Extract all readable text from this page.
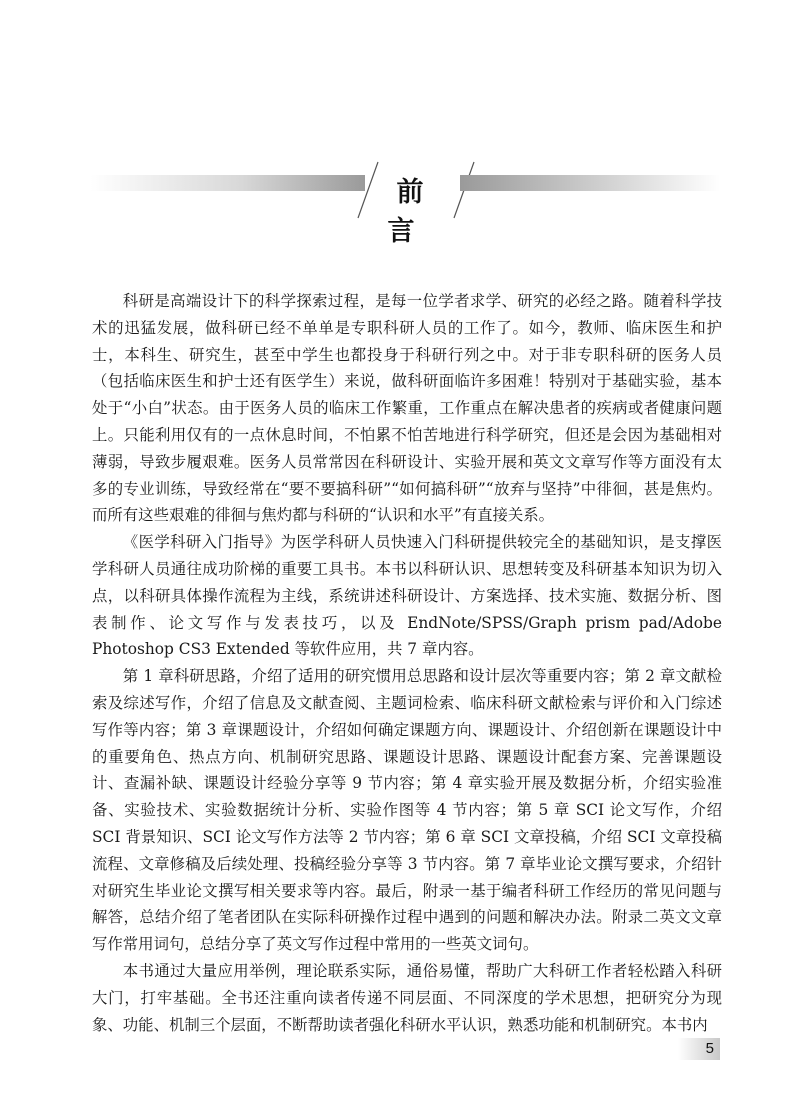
前 言

科研是高端设计下的科学探索过程，是每一位学者求学、研究的必经之路。随着科学技术的迅猛发展，做科研已经不单单是专职科研人员的工作了。如今，教师、临床医生和护士，本科生、研究生，甚至中学生也都投身于科研行列之中。对于非专职科研的医务人员（包括临床医生和护士还有医学生）来说，做科研面临许多困难！特别对于基础实验，基本处于“小白”状态。由于医务人员的临床工作繁重，工作重点在解决患者的疾病或者健康问题上。只能利用仅有的一点休息时间，不怕累不怕苦地进行科学研究，但还是会因为基础相对薄弱，导致步履艰难。医务人员常常因在科研设计、实验开展和英文文章写作等方面没有太多的专业训练，导致经常在“要不要搞科研”“如何搞科研”“放弃与坚持”中徘徊，甚是焦灼。而所有这些艰难的徘徊与焦灼都与科研的“认识和水平”有直接关系。

《医学科研入门指导》为医学科研人员快速入门科研提供较完全的基础知识，是支撑医学科研人员通往成功阶梯的重要工具书。本书以科研认识、思想转变及科研基本知识为切入点，以科研具体操作流程为主线，系统讲述科研设计、方案选择、技术实施、数据分析、图表制作、论文写作与发表技巧，以及 EndNote/SPSS/Graph prism pad/Adobe Photoshop CS3 Extended 等软件应用，共 7 章内容。

第 1 章科研思路，介绍了适用的研究惯用总思路和设计层次等重要内容；第 2 章文献检索及综述写作，介绍了信息及文献查阅、主题词检索、临床科研文献检索与评价和入门综述写作等内容；第 3 章课题设计，介绍如何确定课题方向、课题设计、介绍创新在课题设计中的重要角色、热点方向、机制研究思路、课题设计思路、课题设计配套方案、完善课题设计、查漏补缺、课题设计经验分享等 9 节内容；第 4 章实验开展及数据分析，介绍实验准备、实验技术、实验数据统计分析、实验作图等 4 节内容；第 5 章 SCI 论文写作，介绍 SCI 背景知识、SCI 论文写作方法等 2 节内容；第 6 章 SCI 文章投稿，介绍 SCI 文章投稿流程、文章修稿及后续处理、投稿经验分享等 3 节内容。第 7 章毕业论文撰写要求，介绍针对研究生毕业论文撰写相关要求等内容。最后，附录一基于编者科研工作经历的常见问题与解答，总结介绍了笔者团队在实际科研操作过程中遇到的问题和解决办法。附录二英文文章写作常用词句，总结分享了英文写作过程中常用的一些英文词句。

本书通过大量应用举例，理论联系实际，通俗易懂，帮助广大科研工作者轻松踏入科研大门，打牢基础。全书还注重向读者传递不同层面、不同深度的学术思想，把研究分为现象、功能、机制三个层面，不断帮助读者强化科研水平认识，熟悉功能和机制研究。本书内

5
